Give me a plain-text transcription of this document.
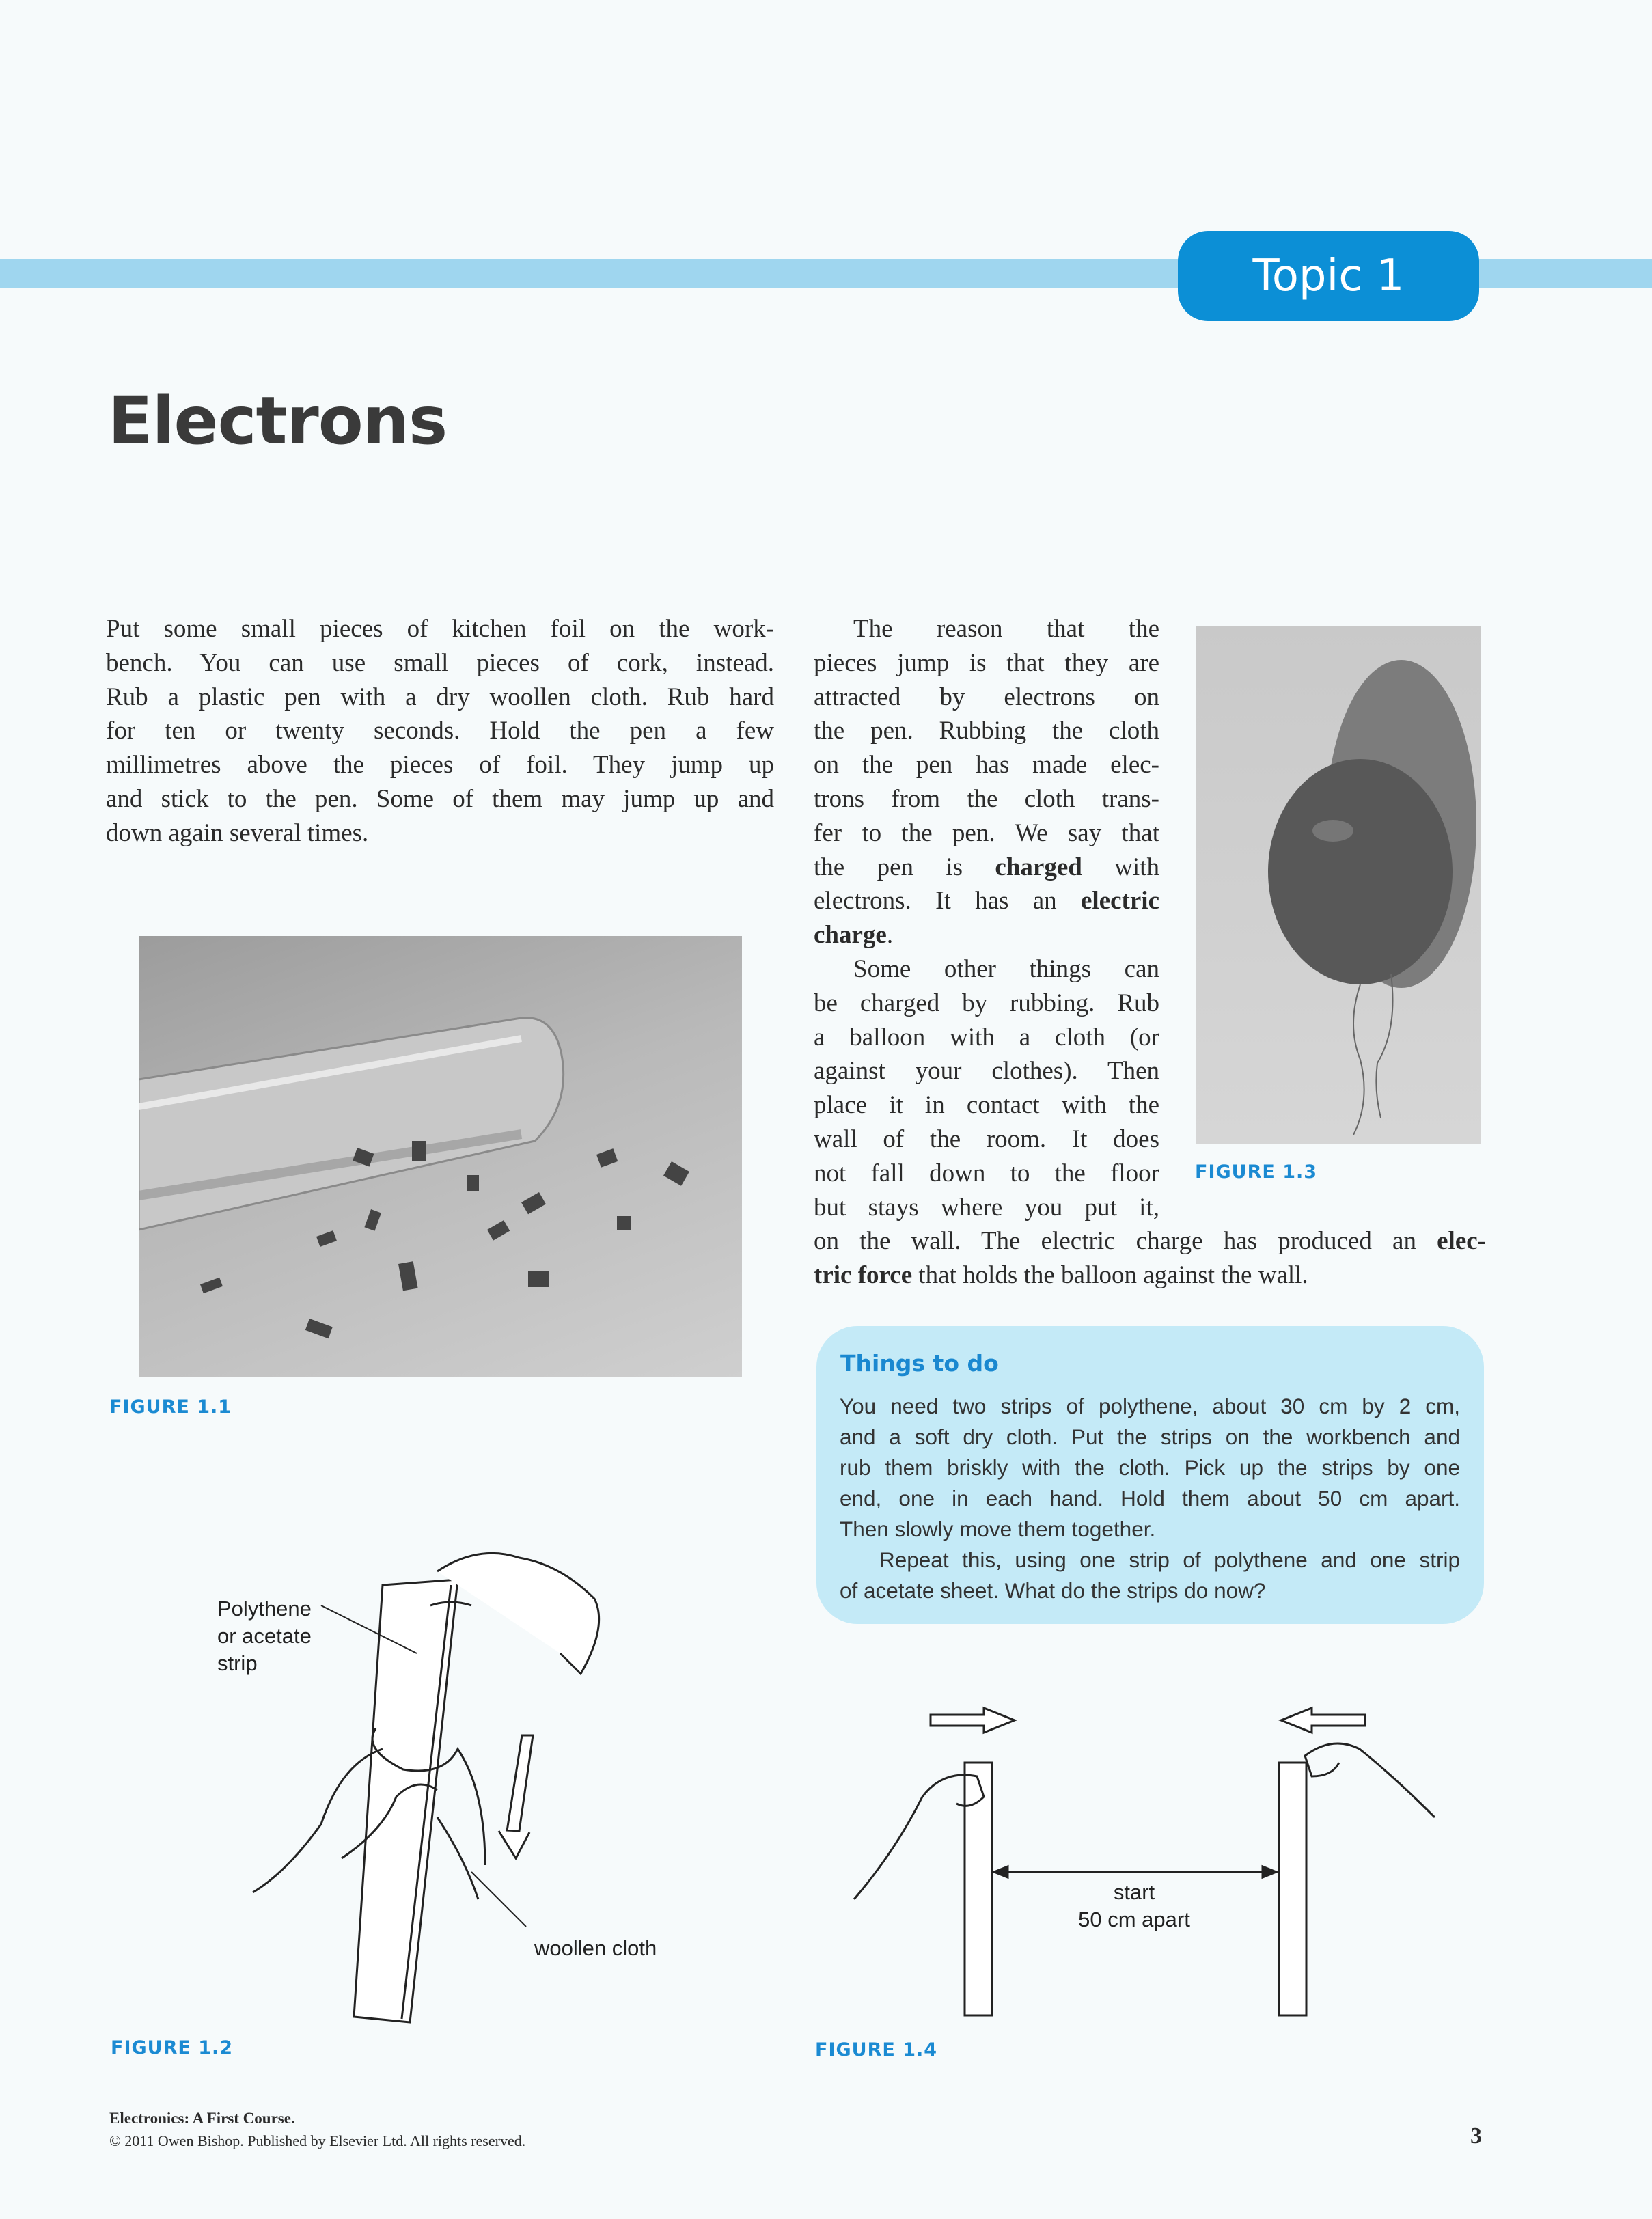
Topic 1
Electrons
Put some small pieces of kitchen foil on the work-
bench. You can use small pieces of cork, instead.
Rub a plastic pen with a dry woollen cloth. Rub hard
for ten or twenty seconds. Hold the pen a few
millimetres above the pieces of foil. They jump up
and stick to the pen. Some of them may jump up and
down again several times.
The reason that the
pieces jump is that they are
attracted by electrons on
the pen. Rubbing the cloth
on the pen has made elec-
trons from the cloth trans-
fer to the pen. We say that
the pen is charged with
electrons. It has an electric
charge.
Some other things can
be charged by rubbing. Rub
a balloon with a cloth (or
against your clothes). Then
place it in contact with the
wall of the room. It does
not fall down to the floor
but stays where you put it,
on the wall. The electric charge has produced an elec-
tric force that holds the balloon against the wall.
FIGURE 1.1
FIGURE 1.3
Things to do
You need two strips of polythene, about 30 cm by 2 cm,
and a soft dry cloth. Put the strips on the workbench and
rub them briskly with the cloth. Pick up the strips by one
end, one in each hand. Hold them about 50 cm apart.
Then slowly move them together.
Repeat this, using one strip of polythene and one strip
of acetate sheet. What do the strips do now?
Polythene
or acetate
strip
woollen cloth
FIGURE 1.2
start
50 cm apart
FIGURE 1.4
Electronics: A First Course.
© 2011 Owen Bishop. Published by Elsevier Ltd. All rights reserved.	3
